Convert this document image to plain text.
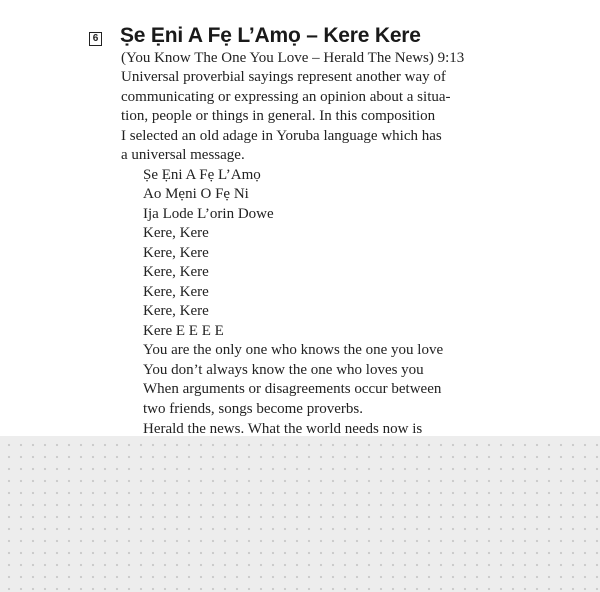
6 Ṣe Ẹni A Fẹ L’Amọ – Kere Kere

(You Know The One You Love – Herald The News) 9:13

Universal proverbial sayings represent another way of

communicating or expressing an opinion about a situa-

tion, people or things in general. In this composition

I selected an old adage in Yoruba language which has

a universal message.

Ṣe Ẹni A Fẹ L’Amọ

Ao Mẹni O Fẹ Ni

Ija Lode L’orin Dowe

Kere, Kere

Kere, Kere

Kere, Kere

Kere, Kere

Kere, Kere

Kere E E E E

You are the only one who knows the one you love

You don’t always know the one who loves you

When arguments or disagreements occur between

two friends, songs become proverbs.

Herald the news. What the world needs now is
